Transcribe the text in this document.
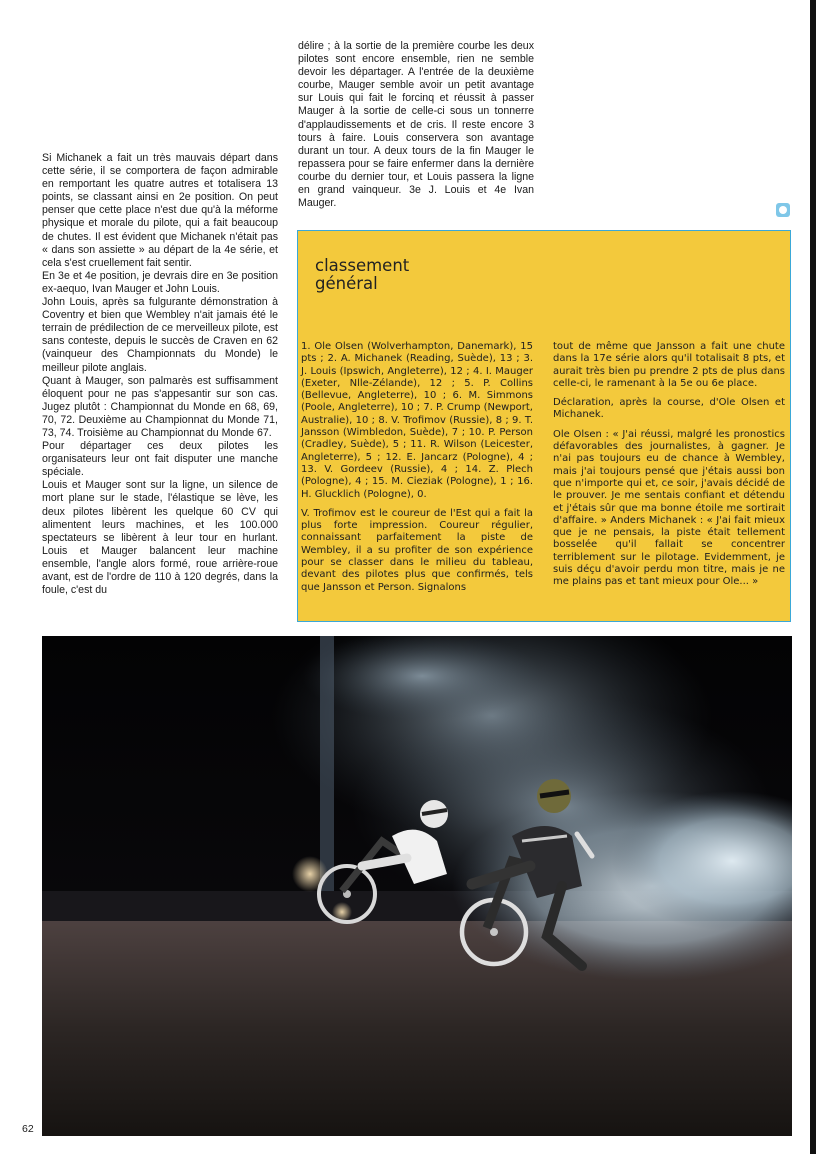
Si Michanek a fait un très mauvais départ dans cette série, il se comportera de façon admirable en remportant les quatre autres et totalisera 13 points, se classant ainsi en 2e position. On peut penser que cette place n'est due qu'à la méforme physique et morale du pilote, qui a fait beaucoup de chutes. Il est évident que Michanek n'était pas « dans son assiette » au départ de la 4e série, et cela s'est cruellement fait sentir.

En 3e et 4e position, je devrais dire en 3e position ex-aequo, Ivan Mauger et John Louis.

John Louis, après sa fulgurante démonstration à Coventry et bien que Wembley n'ait jamais été le terrain de prédilection de ce merveilleux pilote, est sans conteste, depuis le succès de Craven en 62 (vainqueur des Championnats du Monde) le meilleur pilote anglais.

Quant à Mauger, son palmarès est suffisamment éloquent pour ne pas s'appesantir sur son cas. Jugez plutôt : Championnat du Monde en 68, 69, 70, 72. Deuxième au Championnat du Monde 71, 73, 74. Troisième au Championnat du Monde 67.

Pour départager ces deux pilotes les organisateurs leur ont fait disputer une manche spéciale.

Louis et Mauger sont sur la ligne, un silence de mort plane sur le stade, l'élastique se lève, les deux pilotes libèrent les quelque 60 CV qui alimentent leurs machines, et les 100.000 spectateurs se libèrent à leur tour en hurlant. Louis et Mauger balancent leur machine ensemble, l'angle alors formé, roue arrière-roue avant, est de l'ordre de 110 à 120 degrés, dans la foule, c'est du

délire ; à la sortie de la première courbe les deux pilotes sont encore ensemble, rien ne semble devoir les départager. A l'entrée de la deuxième courbe, Mauger semble avoir un petit avantage sur Louis qui fait le forcinq et réussit à passer Mauger à la sortie de celle-ci sous un tonnerre d'applaudissements et de cris. Il reste encore 3 tours à faire. Louis conservera son avantage durant un tour. A deux tours de la fin Mauger le repassera pour se faire enfermer dans la dernière courbe du dernier tour, et Louis passera la ligne en grand vainqueur. 3e J. Louis et 4e Ivan Mauger.

classement
général

1. Ole Olsen (Wolverhampton, Danemark), 15 pts ; 2. A. Michanek (Reading, Suède), 13 ; 3. J. Louis (Ipswich, Angleterre), 12 ; 4. I. Mauger (Exeter, Nlle-Zélande), 12 ; 5. P. Collins (Bellevue, Angleterre), 10 ; 6. M. Simmons (Poole, Angleterre), 10 ; 7. P. Crump (Newport, Australie), 10 ; 8. V. Trofimov (Russie), 8 ; 9. T. Jansson (Wimbledon, Suède), 7 ; 10. P. Person (Cradley, Suède), 5 ; 11. R. Wilson (Leicester, Angleterre), 5 ; 12. E. Jancarz (Pologne), 4 ; 13. V. Gordeev (Russie), 4 ; 14. Z. Plech (Pologne), 4 ; 15. M. Cieziak (Pologne), 1 ; 16. H. Glucklich (Pologne), 0.

V. Trofimov est le coureur de l'Est qui a fait la plus forte impression. Coureur régulier, connaissant parfaitement la piste de Wembley, il a su profiter de son expérience pour se classer dans le milieu du tableau, devant des pilotes plus que confirmés, tels que Jansson et Person. Signalons

tout de même que Jansson a fait une chute dans la 17e série alors qu'il totalisait 8 pts, et aurait très bien pu prendre 2 pts de plus dans celle-ci, le ramenant à la 5e ou 6e place.

Déclaration, après la course, d'Ole Olsen et Michanek.

Ole Olsen : « J'ai réussi, malgré les pronostics défavorables des journalistes, à gagner. Je n'ai pas toujours eu de chance à Wembley, mais j'ai toujours pensé que j'étais aussi bon que n'importe qui et, ce soir, j'avais décidé de le prouver. Je me sentais confiant et détendu et j'étais sûr que ma bonne étoile me sortirait d'affaire. » Anders Michanek : « J'ai fait mieux que je ne pensais, la piste était tellement bosselée qu'il fallait se concentrer terriblement sur le pilotage. Evidemment, je suis déçu d'avoir perdu mon titre, mais je ne me plains pas et tant mieux pour Ole... »

62
